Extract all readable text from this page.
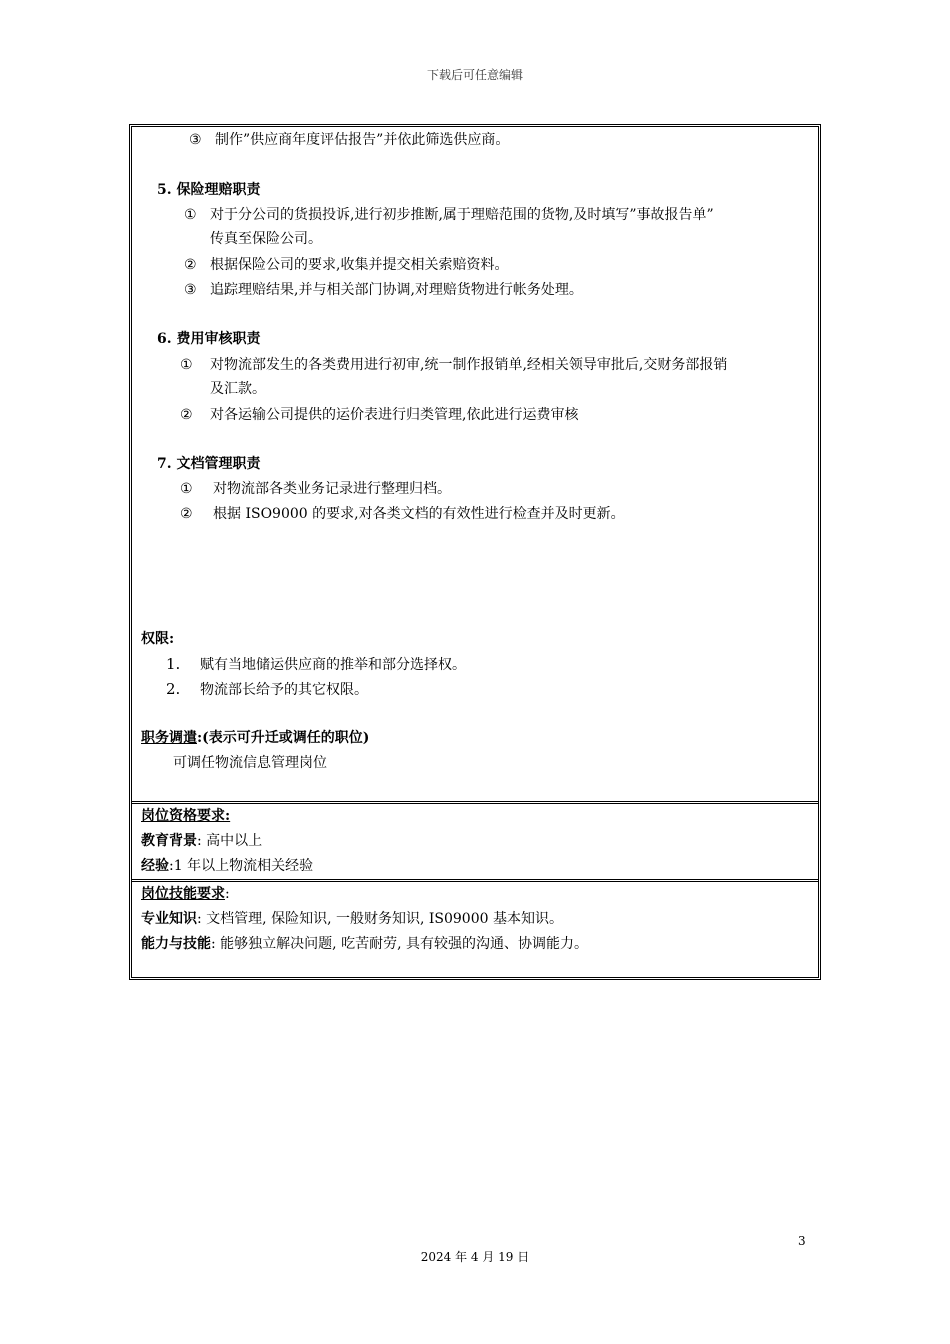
下载后可任意编辑
③ 制作”供应商年度评估报告”并依此筛选供应商。
5. 保险理赔职责
① 对于分公司的货损投诉,进行初步推断,属于理赔范围的货物,及时填写”事故报告单”
传真至保险公司。
② 根据保险公司的要求,收集并提交相关索赔资料。
③ 追踪理赔结果,并与相关部门协调,对理赔货物进行帐务处理。
6. 费用审核职责
① 对物流部发生的各类费用进行初审,统一制作报销单,经相关领导审批后,交财务部报销
及汇款。
② 对各运输公司提供的运价表进行归类管理,依此进行运费审核
7. 文档管理职责
① 对物流部各类业务记录进行整理归档。
② 根据 ISO9000 的要求,对各类文档的有效性进行检查并及时更新。
权限:
1. 赋有当地储运供应商的推举和部分选择权。
2. 物流部长给予的其它权限。
职务调遣:(表示可升迁或调任的职位)
可调任物流信息管理岗位
岗位资格要求:
教育背景: 高中以上
经验:1 年以上物流相关经验
岗位技能要求:
专业知识: 文档管理, 保险知识, 一般财务知识, IS09000 基本知识。
能力与技能: 能够独立解决问题, 吃苦耐劳, 具有较强的沟通、协调能力。
3
2024 年 4 月 19 日
